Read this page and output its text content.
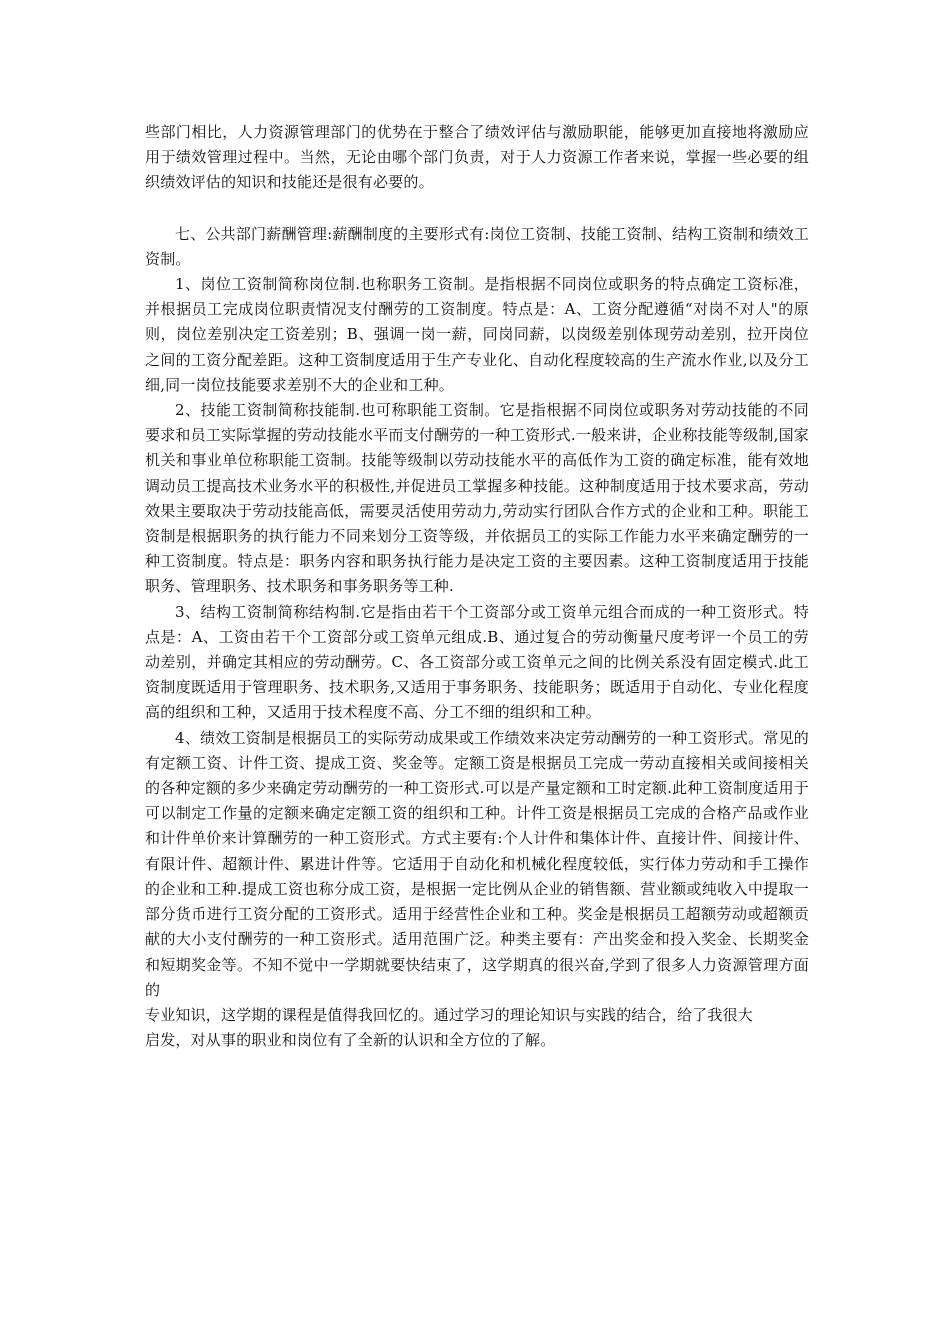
些部门相比，人力资源管理部门的优势在于整合了绩效评估与激励职能，能够更加直接地将激励应用于绩效管理过程中。当然，无论由哪个部门负责，对于人力资源工作者来说，掌握一些必要的组织绩效评估的知识和技能还是很有必要的。

七、公共部门薪酬管理:薪酬制度的主要形式有:岗位工资制、技能工资制、结构工资制和绩效工资制。

1、岗位工资制简称岗位制.也称职务工资制。是指根据不同岗位或职务的特点确定工资标准，并根据员工完成岗位职责情况支付酬劳的工资制度。特点是：A、工资分配遵循“对岗不对人"的原则，岗位差别决定工资差别；B、强调一岗一薪，同岗同薪，以岗级差别体现劳动差别，拉开岗位之间的工资分配差距。这种工资制度适用于生产专业化、自动化程度较高的生产流水作业,以及分工细,同一岗位技能要求差别不大的企业和工种。

2、技能工资制简称技能制.也可称职能工资制。它是指根据不同岗位或职务对劳动技能的不同要求和员工实际掌握的劳动技能水平而支付酬劳的一种工资形式.一般来讲，企业称技能等级制,国家机关和事业单位称职能工资制。技能等级制以劳动技能水平的高低作为工资的确定标准，能有效地调动员工提高技术业务水平的积极性,并促进员工掌握多种技能。这种制度适用于技术要求高，劳动效果主要取决于劳动技能高低，需要灵活使用劳动力,劳动实行团队合作方式的企业和工种。职能工资制是根据职务的执行能力不同来划分工资等级，并依据员工的实际工作能力水平来确定酬劳的一种工资制度。特点是：职务内容和职务执行能力是决定工资的主要因素。这种工资制度适用于技能职务、管理职务、技术职务和事务职务等工种.

3、结构工资制简称结构制.它是指由若干个工资部分或工资单元组合而成的一种工资形式。特点是：A、工资由若干个工资部分或工资单元组成.B、通过复合的劳动衡量尺度考评一个员工的劳动差别，并确定其相应的劳动酬劳。C、各工资部分或工资单元之间的比例关系没有固定模式.此工资制度既适用于管理职务、技术职务,又适用于事务职务、技能职务；既适用于自动化、专业化程度高的组织和工种，又适用于技术程度不高、分工不细的组织和工种。

4、绩效工资制是根据员工的实际劳动成果或工作绩效来决定劳动酬劳的一种工资形式。常见的有定额工资、计件工资、提成工资、奖金等。定额工资是根据员工完成一劳动直接相关或间接相关的各种定额的多少来确定劳动酬劳的一种工资形式.可以是产量定额和工时定额.此种工资制度适用于可以制定工作量的定额来确定定额工资的组织和工种。计件工资是根据员工完成的合格产品或作业和计件单价来计算酬劳的一种工资形式。方式主要有:个人计件和集体计件、直接计件、间接计件、有限计件、超额计件、累进计件等。它适用于自动化和机械化程度较低，实行体力劳动和手工操作的企业和工种.提成工资也称分成工资，是根据一定比例从企业的销售额、营业额或纯收入中提取一部分货币进行工资分配的工资形式。适用于经营性企业和工种。奖金是根据员工超额劳动或超额贡献的大小支付酬劳的一种工资形式。适用范围广泛。种类主要有：产出奖金和投入奖金、长期奖金和短期奖金等。不知不觉中一学期就要快结束了，这学期真的很兴奋,学到了很多人力资源管理方面的

专业知识，这学期的课程是值得我回忆的。通过学习的理论知识与实践的结合，给了我很大

启发，对从事的职业和岗位有了全新的认识和全方位的了解。
